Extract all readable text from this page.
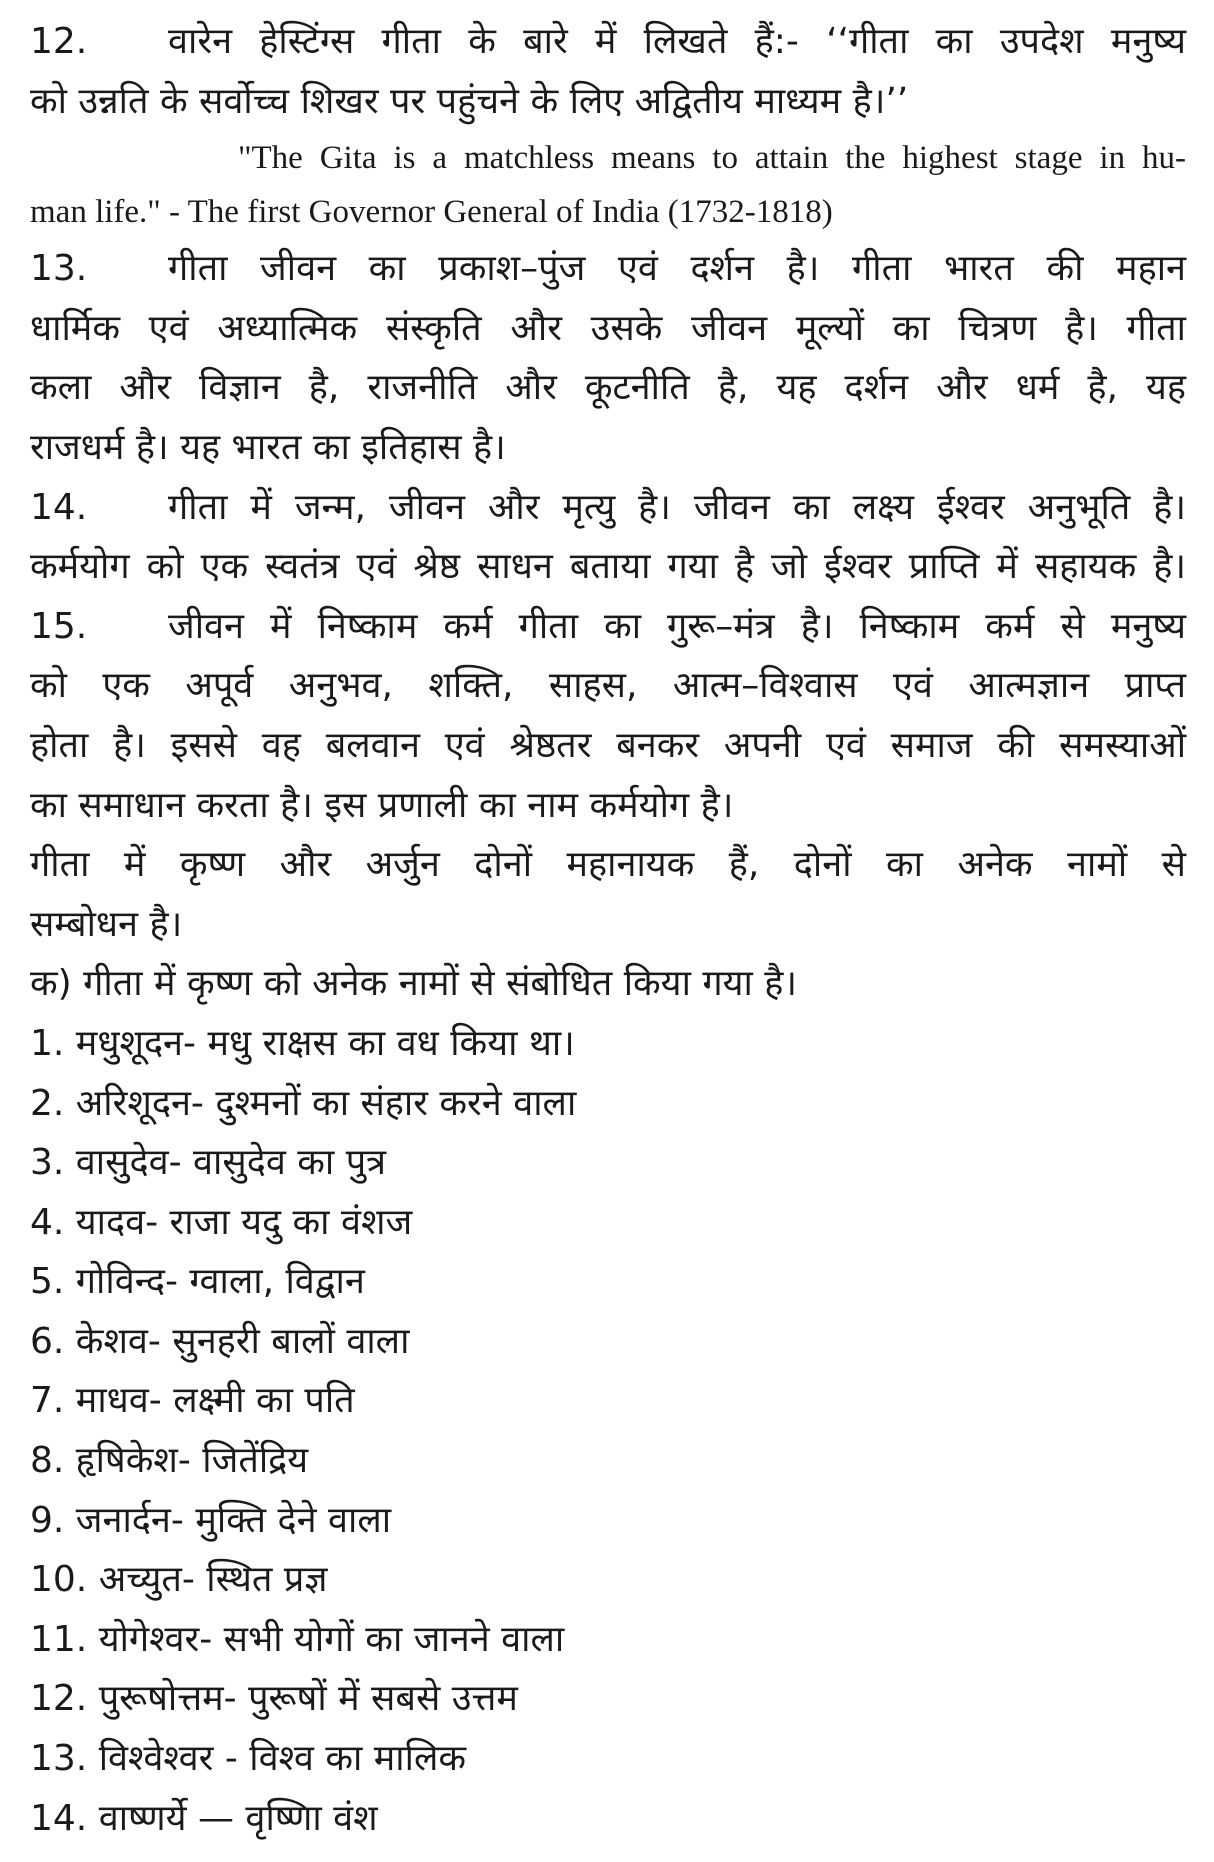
12. वारेन हेस्टिंग्स गीता के बारे में लिखते हैं:- ‘‘गीता का उपदेश मनुष्य
को उन्नति के सर्वोच्च शिखर पर पहुंचने के लिए अद्वितीय माध्यम है।’’
"The Gita is a matchless means to attain the highest stage in hu-
man life." - The first Governor General of India (1732-1818)
13. गीता जीवन का प्रकाश–पुंज एवं दर्शन है। गीता भारत की महान
धार्मिक एवं अध्यात्मिक संस्कृति और उसके जीवन मूल्यों का चित्रण है। गीता
कला और विज्ञान है, राजनीति और कूटनीति है, यह दर्शन और धर्म है, यह
राजधर्म है। यह भारत का इतिहास है।
14. गीता में जन्म, जीवन और मृत्यु है। जीवन का लक्ष्य ईश्वर अनुभूति है।
कर्मयोग को एक स्वतंत्र एवं श्रेष्ठ साधन बताया गया है जो ईश्वर प्राप्ति में सहायक है।
15. जीवन में निष्काम कर्म गीता का गुरू–मंत्र है। निष्काम कर्म से मनुष्य
को एक अपूर्व अनुभव, शक्ति, साहस, आत्म–विश्वास एवं आत्मज्ञान प्राप्त
होता है। इससे वह बलवान एवं श्रेष्ठतर बनकर अपनी एवं समाज की समस्याओं
का समाधान करता है। इस प्रणाली का नाम कर्मयोग है।
गीता में कृष्ण और अर्जुन दोनों महानायक हैं, दोनों का अनेक नामों से
सम्बोधन है।
क) गीता में कृष्ण को अनेक नामों से संबोधित किया गया है।
1. मधुशूदन- मधु राक्षस का वध किया था।
2. अरिशूदन- दुश्मनों का संहार करने वाला
3. वासुदेव- वासुदेव का पुत्र
4. यादव- राजा यदु का वंशज
5. गोविन्द- ग्वाला, विद्वान
6. केशव- सुनहरी बालों वाला
7. माधव- लक्ष्मी का पति
8. हृषिकेश- जितेंद्रिय
9. जनार्दन- मुक्ति देने वाला
10. अच्युत- स्थित प्रज्ञ
11. योगेश्वर- सभी योगों का जानने वाला
12. पुरूषोत्तम- पुरूषों में सबसे उत्तम
13. विश्वेश्वर - विश्व का मालिक
14. वाष्णर्ये — वृष्णिा वंश
